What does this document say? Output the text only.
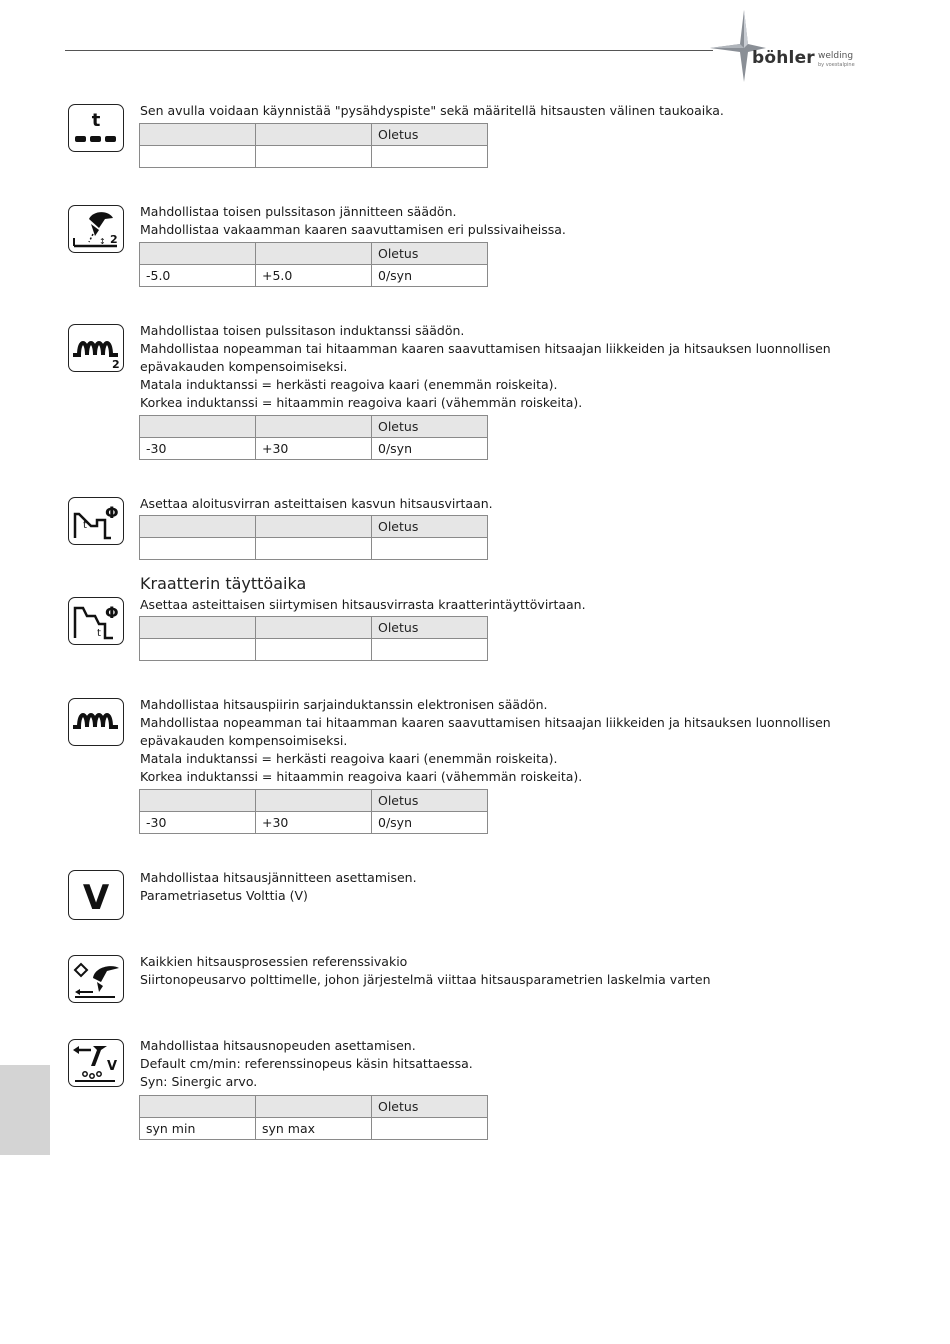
böhler welding
by voestalpine
t	Sen avulla voidaan käynnistää "pysähdyspiste" sekä määritellä hitsausten välinen taukoaika.

		Oletus

↕ 2

Mahdollistaa toisen pulssitason jännitteen säädön.

Mahdollistaa vakaamman kaaren saavuttamisen eri pulssivaiheissa.

		Oletus
-5.0	+5.0	0/syn
2

Mahdollistaa toisen pulssitason induktanssi säädön.

Mahdollistaa nopeamman tai hitaamman kaaren saavuttamisen hitsaajan liikkeiden ja hitsauksen luonnollisen epävakauden kompensoimiseksi.

Matala induktanssi = herkästi reagoiva kaari (enemmän roiskeita).

Korkea induktanssi = hitaammin reagoiva kaari (vähemmän roiskeita).

		Oletus
-30	+30	0/syn
t
Φ Asettaa aloitusvirran asteittaisen kasvun hitsausvirtaan.

		Oletus

Kraatterin täyttöaika
t
Φ Asettaa asteittaisen siirtymisen hitsausvirrasta kraatterintäyttövirtaan.

		Oletus

Mahdollistaa hitsauspiirin sarjainduktanssin elektronisen säädön.

Mahdollistaa nopeamman tai hitaamman kaaren saavuttamisen hitsaajan liikkeiden ja hitsauksen luonnollisen epävakauden kompensoimiseksi.

Matala induktanssi = herkästi reagoiva kaari (enemmän roiskeita).

Korkea induktanssi = hitaammin reagoiva kaari (vähemmän roiskeita).

		Oletus
-30	+30	0/syn
V

Mahdollistaa hitsausjännitteen asettamisen.

Parametriasetus Volttia (V)

Kaikkien hitsausprosessien referenssivakio

Siirtonopeusarvo polttimelle, johon järjestelmä viittaa hitsausparametrien laskelmia varten

V

Mahdollistaa hitsausnopeuden asettamisen.

Default cm/min: referenssinopeus käsin hitsattaessa.

Syn: Sinergic arvo.

		Oletus
syn min	syn max	
